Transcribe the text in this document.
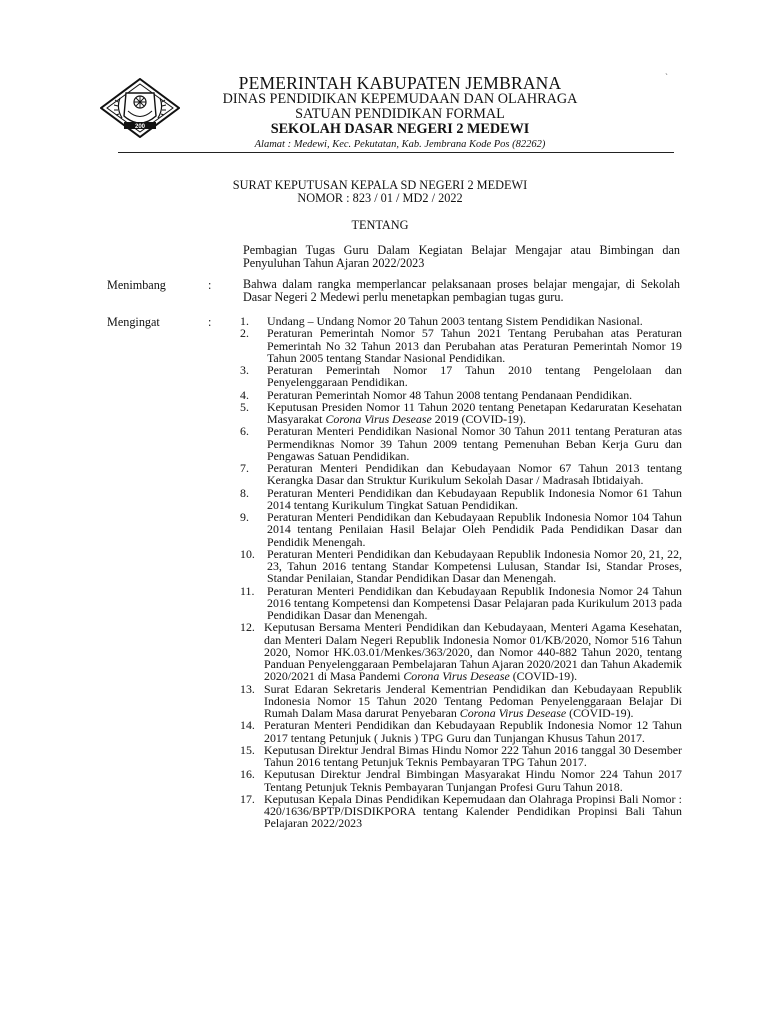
`
200
PEMERINTAH KABUPATEN JEMBRANA
DINAS PENDIDIKAN KEPEMUDAAN DAN OLAHRAGA
SATUAN PENDIDIKAN FORMAL
SEKOLAH DASAR NEGERI 2 MEDEWI
Alamat : Medewi, Kec. Pekutatan, Kab. Jembrana Kode Pos (82262)
SURAT KEPUTUSAN KEPALA SD NEGERI 2 MEDEWI
NOMOR : 823 / 01 / MD2 / 2022
TENTANG
Pembagian Tugas Guru Dalam Kegiatan Belajar Mengajar atau Bimbingan dan Penyuluhan Tahun Ajaran 2022/2023
Menimbang	:	Bahwa dalam rangka memperlancar pelaksanaan proses belajar mengajar, di Sekolah Dasar Negeri 2 Medewi perlu menetapkan pembagian tugas guru.
Mengingat	: 1.	Undang – Undang Nomor 20 Tahun 2003 tentang Sistem Pendidikan Nasional.
2.	Peraturan Pemerintah Nomor 57 Tahun 2021 Tentang Perubahan atas Peraturan Pemerintah No 32 Tahun 2013 dan Perubahan atas Peraturan Pemerintah Nomor 19 Tahun 2005 tentang Standar Nasional Pendidikan.
3.	Peraturan Pemerintah Nomor 17 Tahun 2010 tentang Pengelolaan dan Penyelenggaraan Pendidikan.
4.	Peraturan Pemerintah Nomor 48 Tahun 2008 tentang Pendanaan Pendidikan.
5.	Keputusan Presiden Nomor 11 Tahun 2020 tentang Penetapan Kedaruratan Kesehatan Masyarakat Corona Virus Desease 2019 (COVID-19).
6.	Peraturan Menteri Pendidikan Nasional Nomor 30 Tahun 2011 tentang Peraturan atas Permendiknas Nomor 39 Tahun 2009 tentang Pemenuhan Beban Kerja Guru dan Pengawas Satuan Pendidikan.
7.	Peraturan Menteri Pendidikan dan Kebudayaan Nomor 67 Tahun 2013 tentang Kerangka Dasar dan Struktur Kurikulum Sekolah Dasar / Madrasah Ibtidaiyah.
8.	Peraturan Menteri Pendidikan dan Kebudayaan Republik Indonesia Nomor 61 Tahun 2014 tentang Kurikulum Tingkat Satuan Pendidikan.
9.	Peraturan Menteri Pendidikan dan Kebudayaan Republik Indonesia Nomor 104 Tahun 2014 tentang Penilaian Hasil Belajar Oleh Pendidik Pada Pendidikan Dasar dan Pendidik Menengah.
10.	Peraturan Menteri Pendidikan dan Kebudayaan Republik Indonesia Nomor 20, 21, 22, 23, Tahun 2016 tentang Standar Kompetensi Lulusan, Standar Isi, Standar Proses, Standar Penilaian, Standar Pendidikan Dasar dan Menengah.
11.	Peraturan Menteri Pendidikan dan Kebudayaan Republik Indonesia Nomor 24 Tahun 2016 tentang Kompetensi dan Kompetensi Dasar Pelajaran pada Kurikulum 2013 pada Pendidikan Dasar dan Menengah.
12. Keputusan Bersama Menteri Pendidikan dan Kebudayaan, Menteri Agama Kesehatan, dan Menteri Dalam Negeri Republik Indonesia Nomor 01/KB/2020, Nomor 516 Tahun 2020, Nomor HK.03.01/Menkes/363/2020, dan Nomor 440-882 Tahun 2020, tentang Panduan Penyelenggaraan Pembelajaran Tahun Ajaran 2020/2021 dan Tahun Akademik 2020/2021 di Masa Pandemi Corona Virus Desease (COVID-19).
13. Surat Edaran Sekretaris Jenderal Kementrian Pendidikan dan Kebudayaan Republik Indonesia Nomor 15 Tahun 2020 Tentang Pedoman Penyelenggaraan Belajar Di Rumah Dalam Masa darurat Penyebaran Corona Virus Desease (COVID-19).
14. Peraturan Menteri Pendidikan dan Kebudayaan Republik Indonesia Nomor 12 Tahun 2017 tentang Petunjuk ( Juknis ) TPG Guru dan Tunjangan Khusus Tahun 2017.
15. Keputusan Direktur Jendral Bimas Hindu Nomor 222 Tahun 2016 tanggal 30 Desember Tahun 2016 tentang Petunjuk Teknis Pembayaran TPG Tahun 2017.
16. Keputusan Direktur Jendral Bimbingan Masyarakat Hindu Nomor 224 Tahun 2017 Tentang Petunjuk Teknis Pembayaran Tunjangan Profesi Guru Tahun 2018.
17. Keputusan Kepala Dinas Pendidikan Kepemudaan dan Olahraga Propinsi Bali Nomor : 420/1636/BPTP/DISDIKPORA tentang Kalender Pendidikan Propinsi Bali Tahun Pelajaran 2022/2023
